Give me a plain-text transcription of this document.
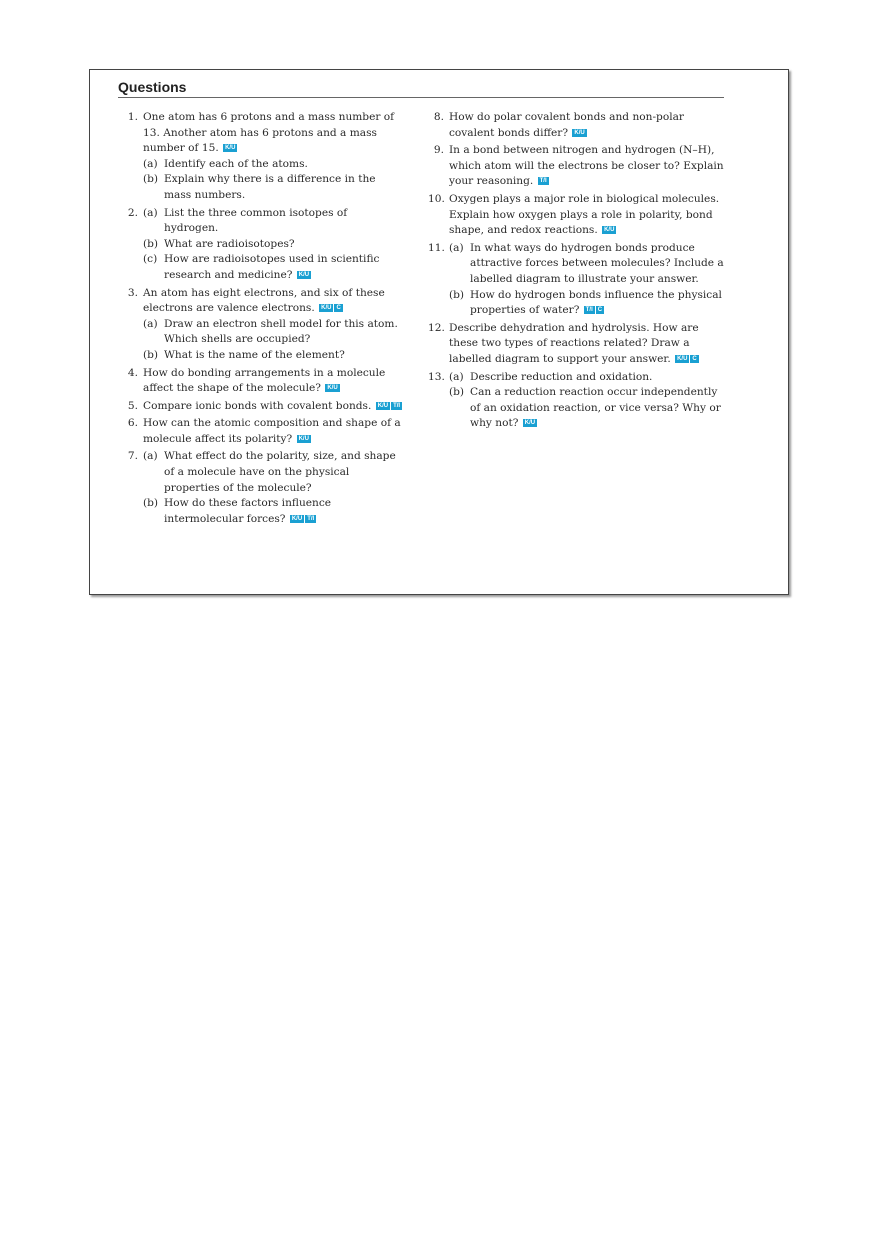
Questions
1. One atom has 6 protons and a mass number of 13. Another atom has 6 protons and a mass number of 15. K/U
(a) Identify each of the atoms.
(b) Explain why there is a difference in the mass numbers.
2. (a) List the three common isotopes of hydrogen.
(b) What are radioisotopes?
(c) How are radioisotopes used in scientific research and medicine? K/U
3. An atom has eight electrons, and six of these electrons are valence electrons. K/U C
(a) Draw an electron shell model for this atom. Which shells are occupied?
(b) What is the name of the element?
4. How do bonding arrangements in a molecule affect the shape of the molecule? K/U
5. Compare ionic bonds with covalent bonds. K/U T/I
6. How can the atomic composition and shape of a molecule affect its polarity? K/U
7. (a) What effect do the polarity, size, and shape of a molecule have on the physical properties of the molecule?
(b) How do these factors influence intermolecular forces? K/U T/I
8. How do polar covalent bonds and non-polar covalent bonds differ? K/U
9. In a bond between nitrogen and hydrogen (N–H), which atom will the electrons be closer to? Explain your reasoning. T/I
10. Oxygen plays a major role in biological molecules. Explain how oxygen plays a role in polarity, bond shape, and redox reactions. K/U
11. (a) In what ways do hydrogen bonds produce attractive forces between molecules? Include a labelled diagram to illustrate your answer.
(b) How do hydrogen bonds influence the physical properties of water? T/I C
12. Describe dehydration and hydrolysis. How are these two types of reactions related? Draw a labelled diagram to support your answer. K/U C
13. (a) Describe reduction and oxidation.
(b) Can a reduction reaction occur independently of an oxidation reaction, or vice versa? Why or why not? K/U
